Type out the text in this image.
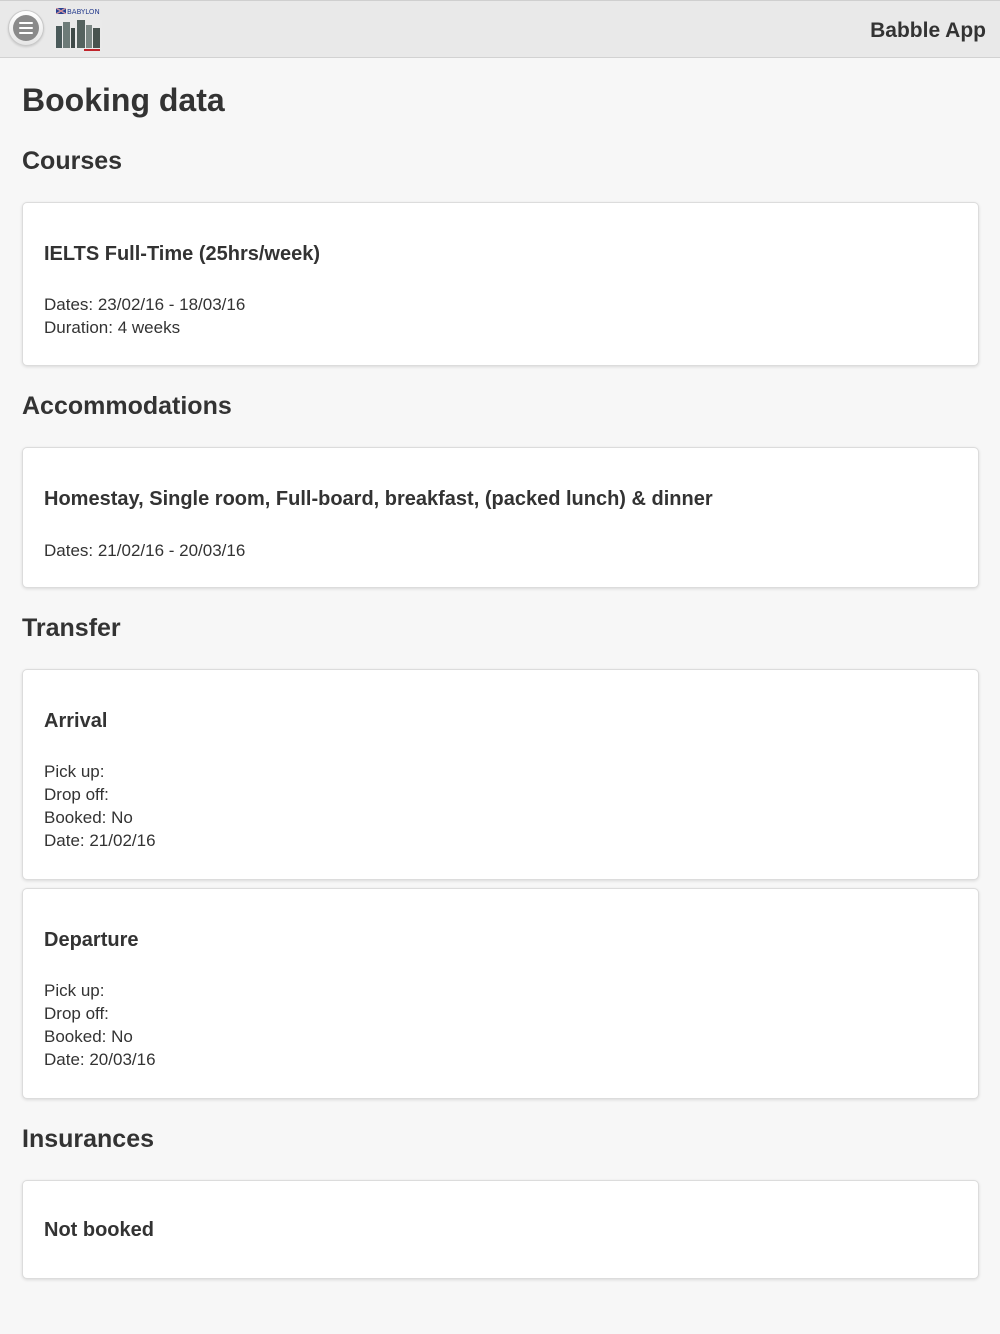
BABYLON
Babble App
Booking data
Courses
IELTS Full-Time (25hrs/week)
Dates: 23/02/16 - 18/03/16
Duration: 4 weeks
Accommodations
Homestay, Single room, Full-board, breakfast, (packed lunch) & dinner
Dates: 21/02/16 - 20/03/16
Transfer
Arrival
Pick up:
Drop off:
Booked: No
Date: 21/02/16
Departure
Pick up:
Drop off:
Booked: No
Date: 20/03/16
Insurances
Not booked
